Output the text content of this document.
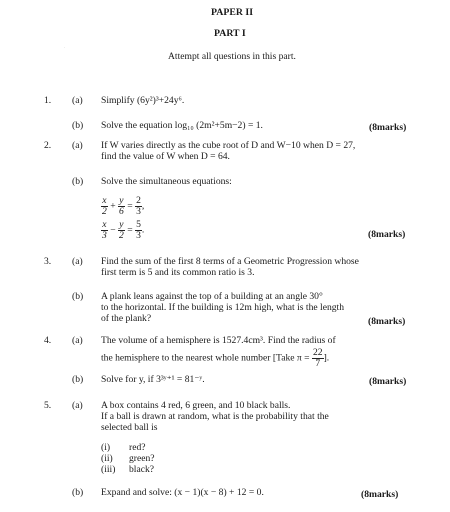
PAPER II
PART I
·
Attempt all questions in this part.
1. (a) Simplify (6y²)³+24y⁶.
(b) Solve the equation log₁₀ (2m²+5m−2) = 1.	(8marks)
2. (a) If W varies directly as the cube root of D and W−10 when D = 27,
find the value of W when D = 64.
(b) Solve the simultaneous equations:
$\frac{x}{2} + \frac{y}{6} = \frac{2}{3}$ ,
$\frac{x}{3} - \frac{y}{2} = \frac{5}{3}$ .	(8marks)
3. (a) Find the sum of the first 8 terms of a Geometric Progression whose
first term is 5 and its common ratio is 3.
(b) A plank leans against the top of a building at an angle 30°
to the horizontal. If the building is 12m high, what is the length
of the plank?	(8marks)
4. (a) The volume of a hemisphere is 1527.4cm³. Find the radius of
the hemisphere to the nearest whole number [Take $\pi = \frac{22}{7}$ ].
(b) Solve for y, if 3³ʸ⁺¹ = 81⁻ʸ.	(8marks)
5. (a) A box contains 4 red, 6 green, and 10 black balls.
If a ball is drawn at random, what is the probability that the
selected ball is
(i) red?
(ii) green?
(iii) black?
(b) Expand and solve: (x − 1)(x − 8) + 12 = 0.	(8marks)
